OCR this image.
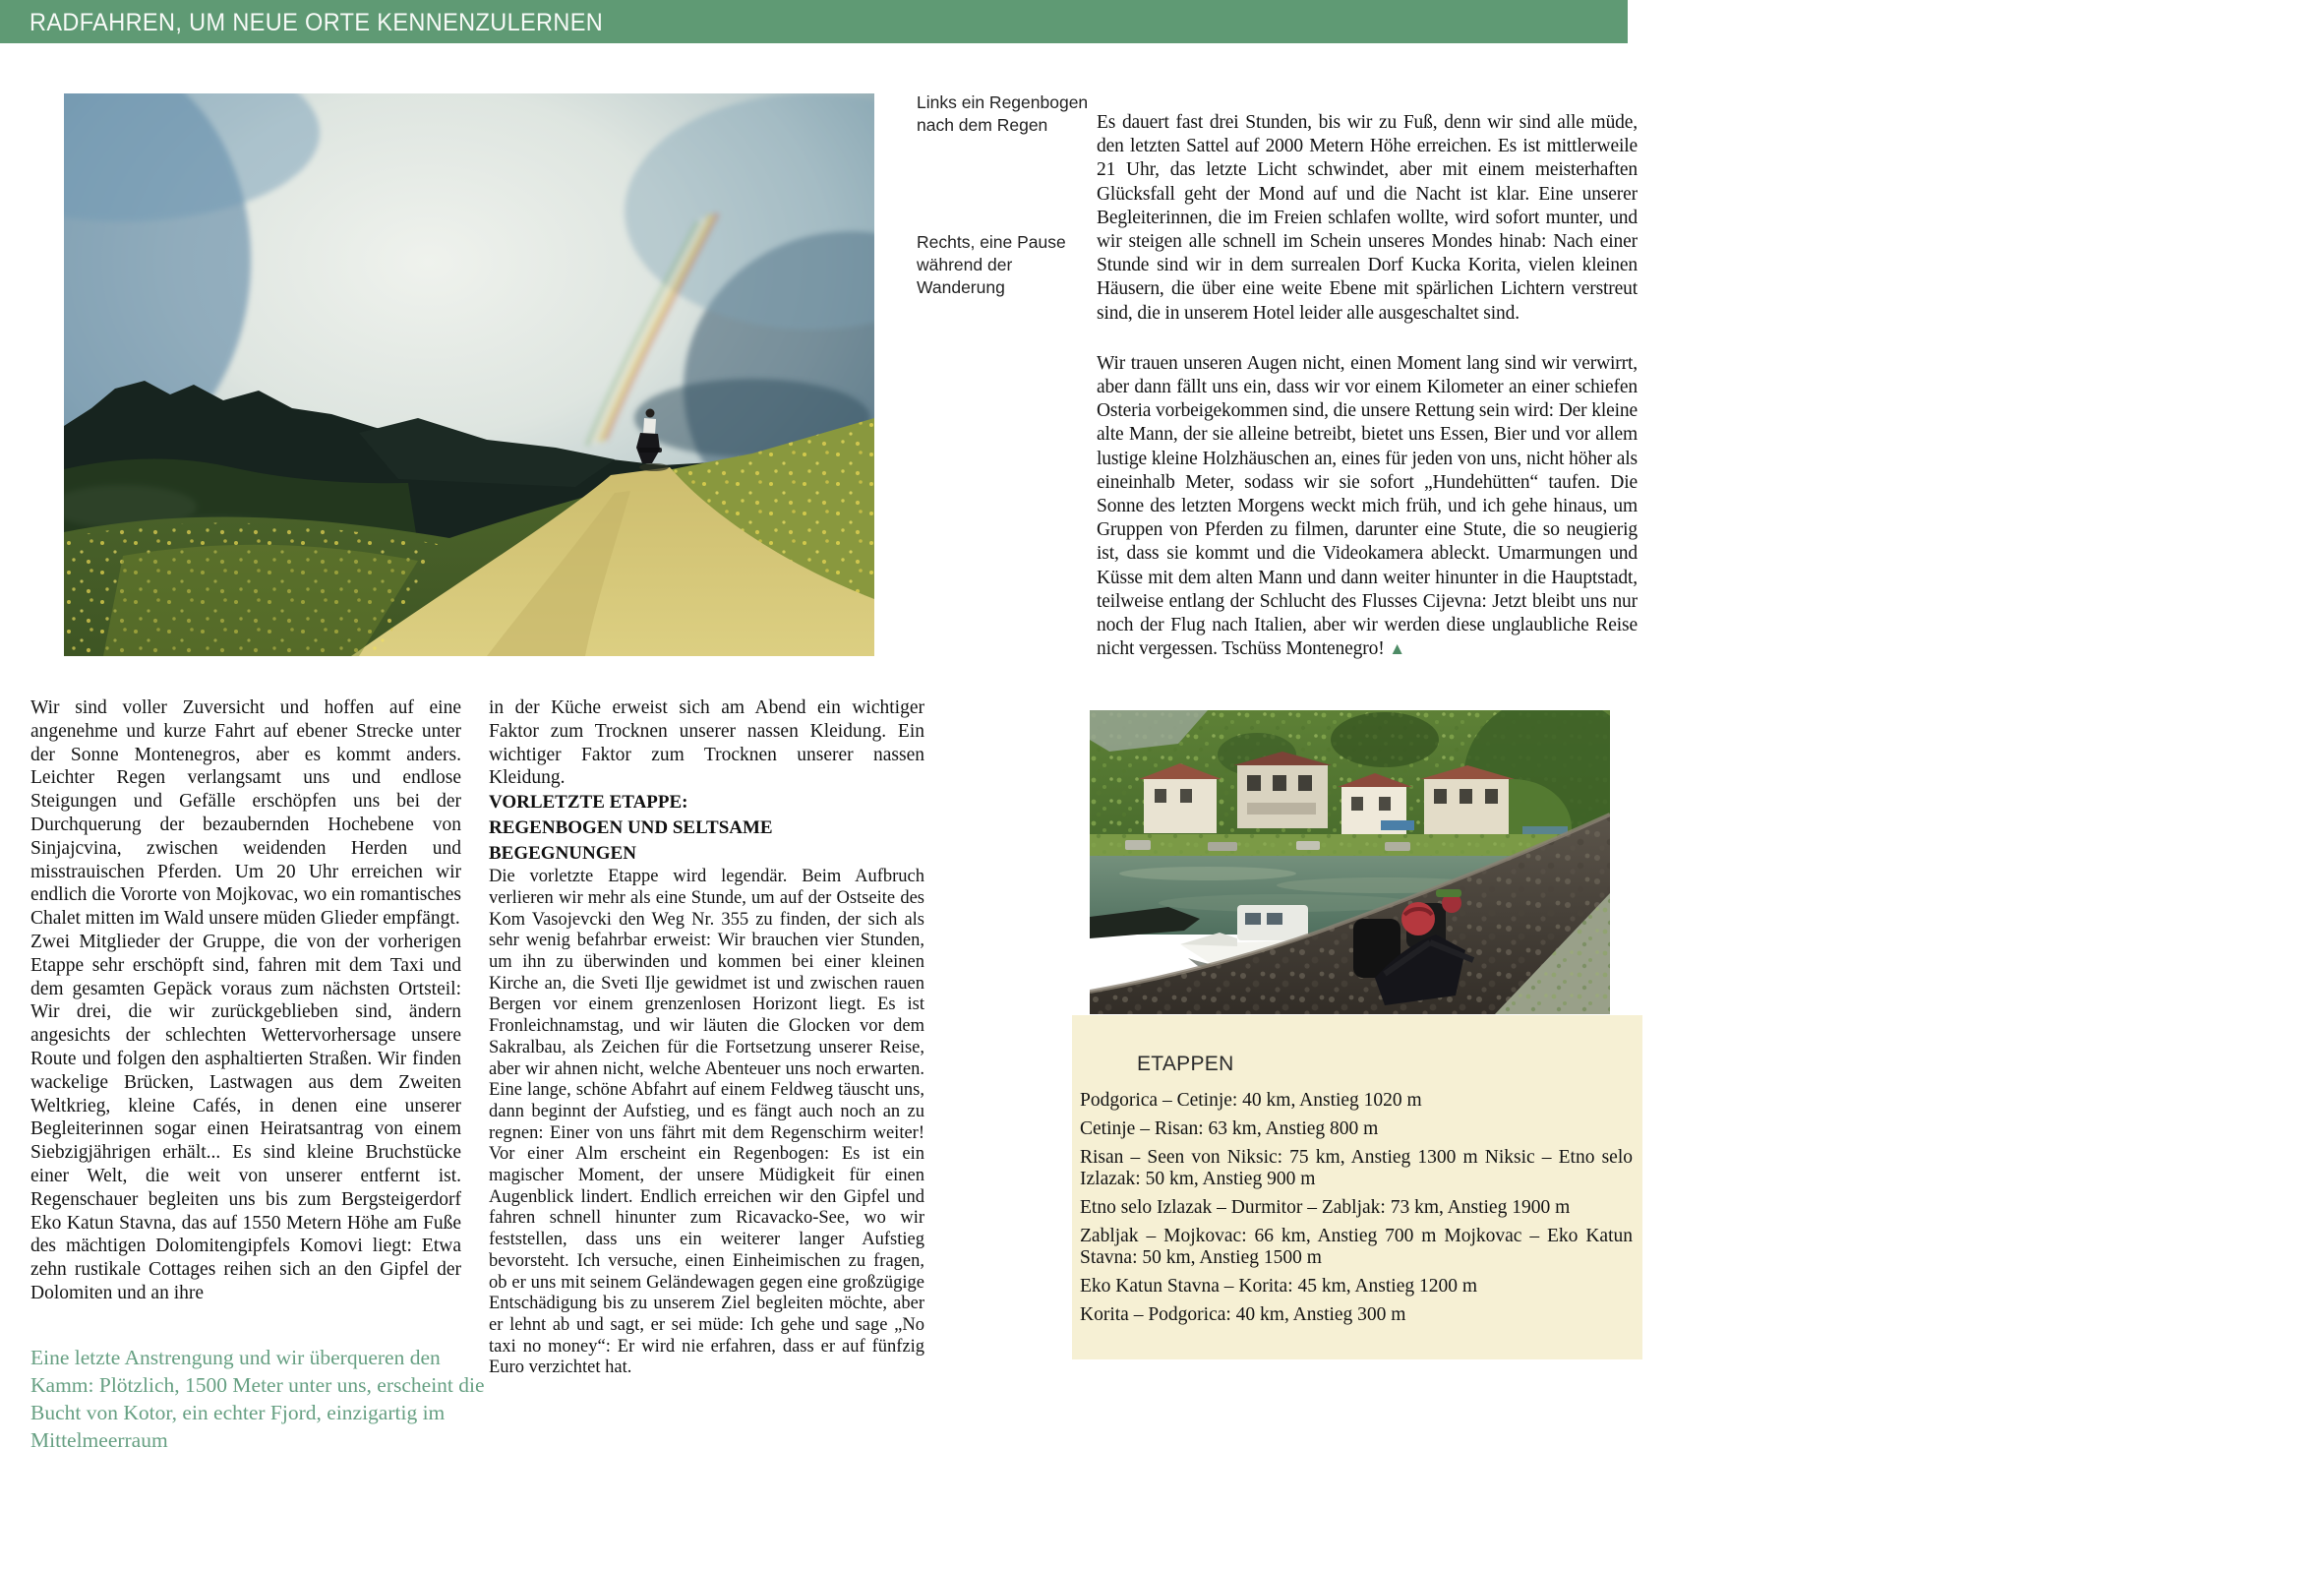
RADFAHREN, UM NEUE ORTE KENNENZULERNEN
Links ein Regenbogen nach dem Regen
Rechts, eine Pause während der Wanderung

Es dauert fast drei Stunden, bis wir zu Fuß, denn wir sind alle müde, den letzten Sattel auf 2000 Metern Höhe erreichen. Es ist mittlerweile 21 Uhr, das letzte Licht schwindet, aber mit einem meisterhaften Glücksfall geht der Mond auf und die Nacht ist klar. Eine unserer Begleiterinnen, die im Freien schlafen wollte, wird sofort munter, und wir steigen alle schnell im Schein unseres Mondes hinab: Nach einer Stunde sind wir in dem surrealen Dorf Kucka Korita, vielen kleinen Häusern, die über eine weite Ebene mit spärlichen Lichtern verstreut sind, die in unserem Hotel leider alle ausgeschaltet sind.

Wir trauen unseren Augen nicht, einen Moment lang sind wir verwirrt, aber dann fällt uns ein, dass wir vor einem Kilometer an einer schiefen Osteria vorbeigekommen sind, die unsere Rettung sein wird: Der kleine alte Mann, der sie alleine betreibt, bietet uns Essen, Bier und vor allem lustige kleine Holzhäuschen an, eines für jeden von uns, nicht höher als eineinhalb Meter, sodass wir sie sofort „Hundehütten“ taufen. Die Sonne des letzten Morgens weckt mich früh, und ich gehe hinaus, um Gruppen von Pferden zu filmen, darunter eine Stute, die so neugierig ist, dass sie kommt und die Videokamera ableckt. Umarmungen und Küsse mit dem alten Mann und dann weiter hinunter in die Hauptstadt, teilweise entlang der Schlucht des Flusses Cijevna: Jetzt bleibt uns nur noch der Flug nach Italien, aber wir werden diese unglaubliche Reise nicht vergessen. Tschüss Montenegro! ▲

Wir sind voller Zuversicht und hoffen auf eine angenehme und kurze Fahrt auf ebener Strecke unter der Sonne Montenegros, aber es kommt anders. Leichter Regen verlangsamt uns und endlose Steigungen und Gefälle erschöpfen uns bei der Durchquerung der bezaubernden Hochebene von Sinjajcvina, zwischen weidenden Herden und misstrauischen Pferden. Um 20 Uhr erreichen wir endlich die Vororte von Mojkovac, wo ein romantisches Chalet mitten im Wald unsere müden Glieder empfängt.

Zwei Mitglieder der Gruppe, die von der vorherigen Etappe sehr erschöpft sind, fahren mit dem Taxi und dem gesamten Gepäck voraus zum nächsten Ortsteil: Wir drei, die wir zurückgeblieben sind, ändern angesichts der schlechten Wettervorhersage unsere Route und folgen den asphaltierten Straßen. Wir finden wackelige Brücken, Lastwagen aus dem Zweiten Weltkrieg, kleine Cafés, in denen eine unserer Begleiterinnen sogar einen Heiratsantrag von einem Siebzigjährigen erhält... Es sind kleine Bruchstücke einer Welt, die weit von unserer entfernt ist. Regenschauer begleiten uns bis zum Bergsteigerdorf Eko Katun Stavna, das auf 1550 Metern Höhe am Fuße des mächtigen Dolomitengipfels Komovi liegt: Etwa zehn rustikale Cottages reihen sich an den Gipfel der Dolomiten und an ihre

Eine letzte Anstrengung und wir überqueren den Kamm: Plötzlich, 1500 Meter unter uns, erscheint die Bucht von Kotor, ein echter Fjord, einzigartig im Mittelmeerraum

in der Küche erweist sich am Abend ein wichtiger Faktor zum Trocknen unserer nassen Kleidung. Ein wichtiger Faktor zum Trocknen unserer nassen Kleidung.

VORLETZTE ETAPPE:
REGENBOGEN UND SELTSAME BEGEGNUNGEN

Die vorletzte Etappe wird legendär. Beim Aufbruch verlieren wir mehr als eine Stunde, um auf der Ostseite des Kom Vasojevcki den Weg Nr. 355 zu finden, der sich als sehr wenig befahrbar erweist: Wir brauchen vier Stunden, um ihn zu überwinden und kommen bei einer kleinen Kirche an, die Sveti Ilje gewidmet ist und zwischen rauen Bergen vor einem grenzenlosen Horizont liegt. Es ist Fronleichnamstag, und wir läuten die Glocken vor dem Sakralbau, als Zeichen für die Fortsetzung unserer Reise, aber wir ahnen nicht, welche Abenteuer uns noch erwarten. Eine lange, schöne Abfahrt auf einem Feldweg täuscht uns, dann beginnt der Aufstieg, und es fängt auch noch an zu regnen: Einer von uns fährt mit dem Regenschirm weiter! Vor einer Alm erscheint ein Regenbogen: Es ist ein magischer Moment, der unsere Müdigkeit für einen Augenblick lindert. Endlich erreichen wir den Gipfel und fahren schnell hinunter zum Ricavacko-See, wo wir feststellen, dass uns ein weiterer langer Aufstieg bevorsteht. Ich versuche, einen Einheimischen zu fragen, ob er uns mit seinem Geländewagen gegen eine großzügige Entschädigung bis zu unserem Ziel begleiten möchte, aber er lehnt ab und sagt, er sei müde: Ich gehe und sage „No taxi no money“: Er wird nie erfahren, dass er auf fünfzig Euro verzichtet hat.

ETAPPEN
Podgorica – Cetinje: 40 km, Anstieg 1020 m
Cetinje – Risan: 63 km, Anstieg 800 m
Risan – Seen von Niksic: 75 km, Anstieg 1300 m Niksic – Etno selo Izlazak: 50 km, Anstieg 900 m
Etno selo Izlazak – Durmitor – Zabljak: 73 km, Anstieg 1900 m
Zabljak – Mojkovac: 66 km, Anstieg 700 m Mojkovac – Eko Katun Stavna: 50 km, Anstieg 1500 m
Eko Katun Stavna – Korita: 45 km, Anstieg 1200 m
Korita – Podgorica: 40 km, Anstieg 300 m
